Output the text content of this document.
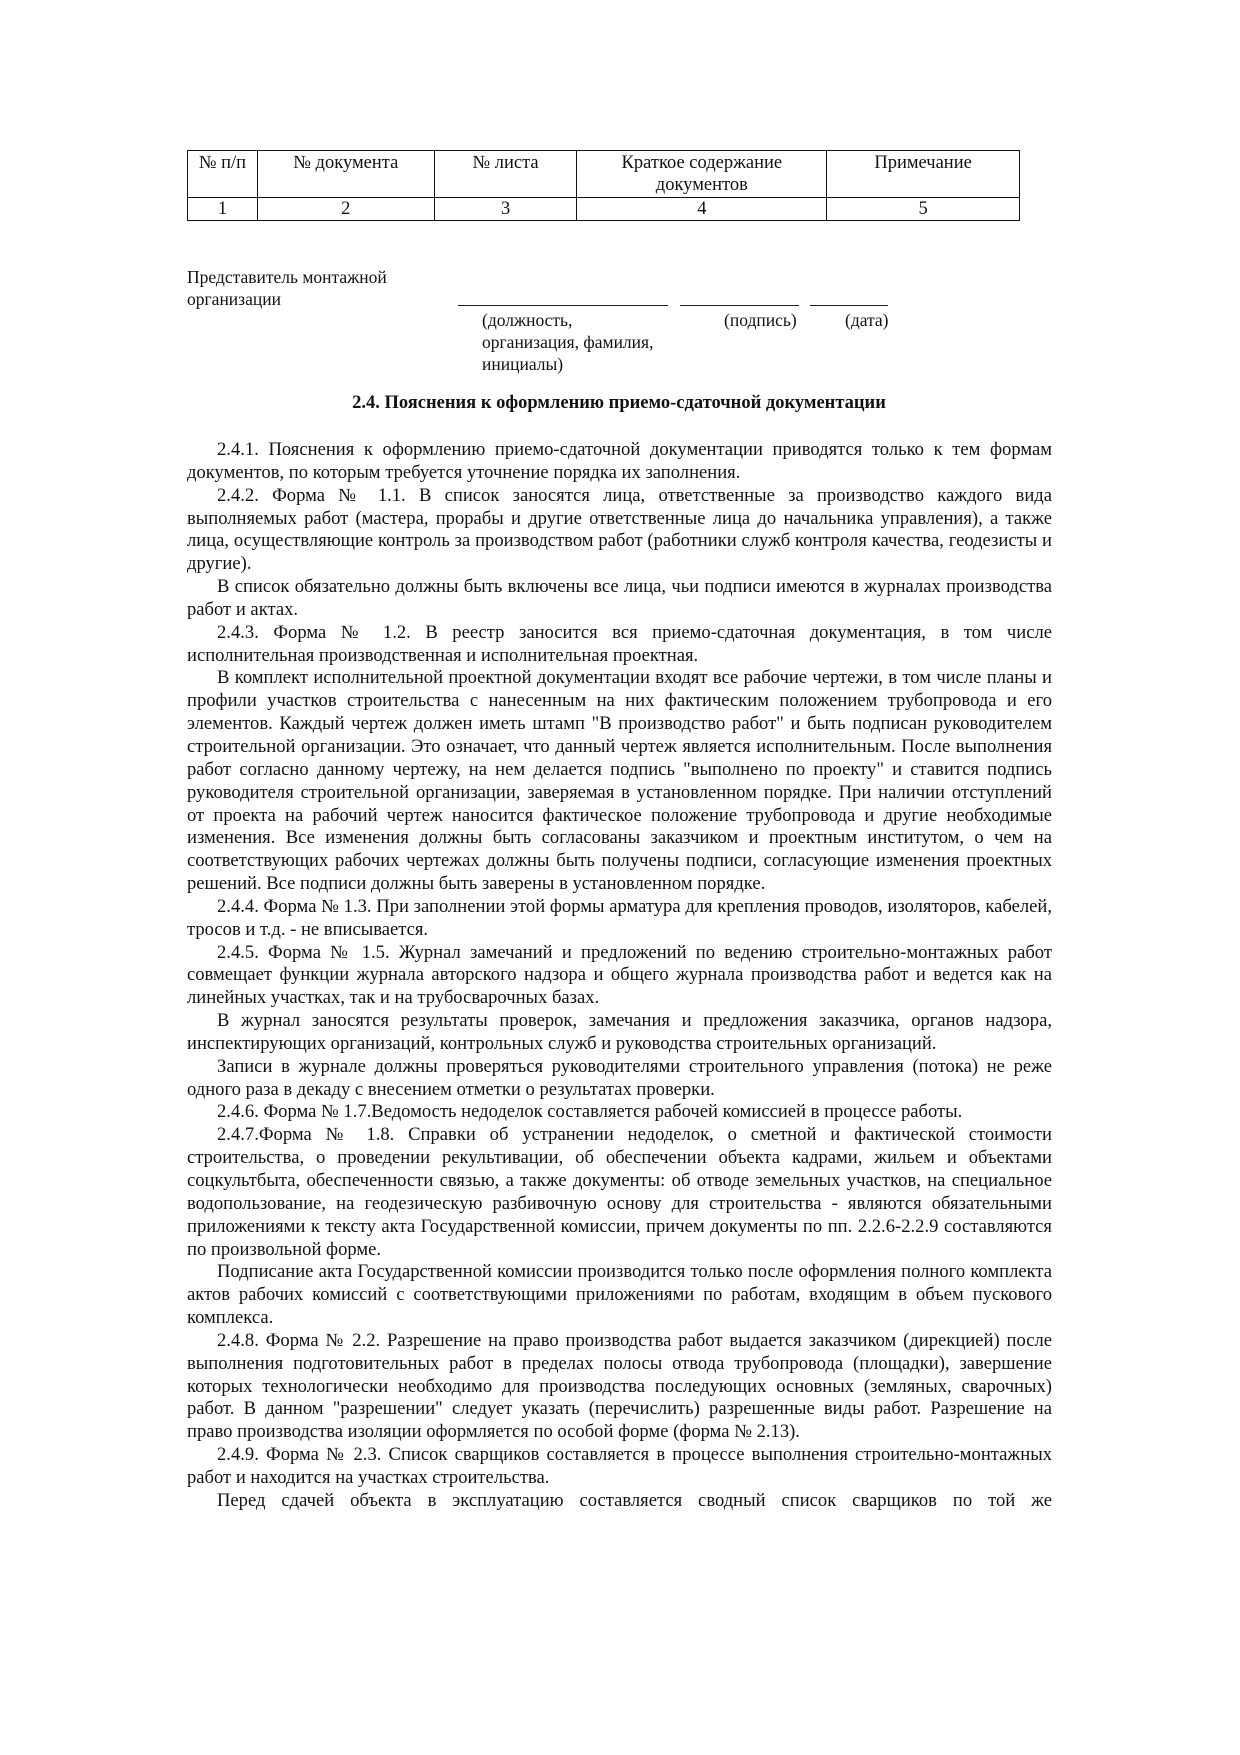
№ п/п	№ документа	№ листа	Краткое содержание документов	Примечание
1	2	3	4	5
Представитель монтажной организации
(должность, организация, фамилия, инициалы)
(подпись)	(дата)
2.4. Пояснения к оформлению приемо-сдаточной документации

2.4.1. Пояснения к оформлению приемо-сдаточной документации приводятся только к тем формам документов, по которым требуется уточнение порядка их заполнения.

2.4.2. Форма № 1.1. В список заносятся лица, ответственные за производство каждого вида выполняемых работ (мастера, прорабы и другие ответственные лица до начальника управления), а также лица, осуществляющие контроль за производством работ (работники служб контроля качества, геодезисты и другие).

В список обязательно должны быть включены все лица, чьи подписи имеются в журналах производства работ и актах.

2.4.3. Форма № 1.2. В реестр заносится вся приемо-сдаточная документация, в том числе исполнительная производственная и исполнительная проектная.

В комплект исполнительной проектной документации входят все рабочие чертежи, в том числе планы и профили участков строительства с нанесенным на них фактическим положением трубопровода и его элементов. Каждый чертеж должен иметь штамп "В производство работ" и быть подписан руководителем строительной организации. Это означает, что данный чертеж является исполнительным. После выполнения работ согласно данному чертежу, на нем делается подпись "выполнено по проекту" и ставится подпись руководителя строительной организации, заверяемая в установленном порядке. При наличии отступлений от проекта на рабочий чертеж наносится фактическое положение трубопровода и другие необходимые изменения. Все изменения должны быть согласованы заказчиком и проектным институтом, о чем на соответствующих рабочих чертежах должны быть получены подписи, согласующие изменения проектных решений. Все подписи должны быть заверены в установленном порядке.

2.4.4. Форма № 1.3. При заполнении этой формы арматура для крепления проводов, изоляторов, кабелей, тросов и т.д. - не вписывается.

2.4.5. Форма № 1.5. Журнал замечаний и предложений по ведению строительно-монтажных работ совмещает функции журнала авторского надзора и общего журнала производства работ и ведется как на линейных участках, так и на трубосварочных базах.

В журнал заносятся результаты проверок, замечания и предложения заказчика, органов надзора, инспектирующих организаций, контрольных служб и руководства строительных организаций.

Записи в журнале должны проверяться руководителями строительного управления (потока) не реже одного раза в декаду с внесением отметки о результатах проверки.

2.4.6. Форма № 1.7.Ведомость недоделок составляется рабочей комиссией в процессе работы.

2.4.7.Форма № 1.8. Справки об устранении недоделок, о сметной и фактической стоимости строительства, о проведении рекультивации, об обеспечении объекта кадрами, жильем и объектами соцкультбыта, обеспеченности связью, а также документы: об отводе земельных участков, на специальное водопользование, на геодезическую разбивочную основу для строительства - являются обязательными приложениями к тексту акта Государственной комиссии, причем документы по пп. 2.2.6-2.2.9 составляются по произвольной форме.

Подписание акта Государственной комиссии производится только после оформления полного комплекта актов рабочих комиссий с соответствующими приложениями по работам, входящим в объем пускового комплекса.

2.4.8. Форма № 2.2. Разрешение на право производства работ выдается заказчиком (дирекцией) после выполнения подготовительных работ в пределах полосы отвода трубопровода (площадки), завершение которых технологически необходимо для производства последующих основных (земляных, сварочных) работ. В данном "разрешении" следует указать (перечислить) разрешенные виды работ. Разрешение на право производства изоляции оформляется по особой форме (форма № 2.13).

2.4.9. Форма № 2.3. Список сварщиков составляется в процессе выполнения строительно-монтажных работ и находится на участках строительства.

Перед сдачей объекта в эксплуатацию составляется сводный список сварщиков по той же
